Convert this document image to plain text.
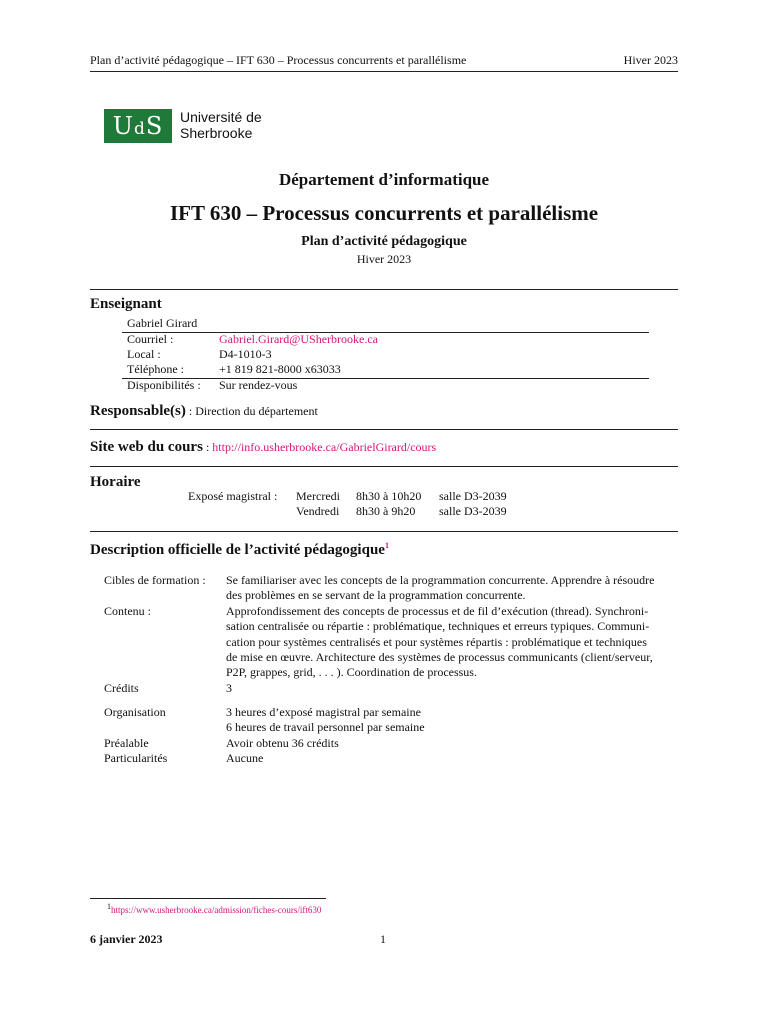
Plan d’activité pédagogique – IFT 630 – Processus concurrents et parallélisme	Hiver 2023
UdS	Université de
Sherbrooke
Département d’informatique
IFT 630 – Processus concurrents et parallélisme
Plan d’activité pédagogique
Hiver 2023
Enseignant
Gabriel Girard
Courriel :	Gabriel.Girard@USherbrooke.ca
Local :	D4-1010-3
Téléphone :	+1 819 821-8000 x63033
Disponibilités : Sur rendez-vous
Responsable(s) : Direction du département
Site web du cours : http://info.usherbrooke.ca/GabrielGirard/cours
Horaire
Exposé magistral : Mercredi 8h30 à 10h20 salle D3-2039
Vendredi 8h30 à 9h20 salle D3-2039
Description officielle de l’activité pédagogique$^1$
Cibles de formation : Se familiariser avec les concepts de la programmation concurrente. Apprendre à résoudre
des problèmes en se servant de la programmation concurrente.
Contenu :	Approfondissement des concepts de processus et de fil d’exécution (thread). Synchroni-
sation centralisée ou répartie : problématique, techniques et erreurs typiques. Communi-
cation pour systèmes centralisés et pour systèmes répartis : problématique et techniques
de mise en œuvre. Architecture des systèmes de processus communicants (client/serveur,
P2P, grappes, grid, . . . ). Coordination de processus.
Crédits	3
Organisation	3 heures d’exposé magistral par semaine
6 heures de travail personnel par semaine
Préalable	Avoir obtenu 36 crédits
Particularités	Aucune
$^1$https://www.usherbrooke.ca/admission/fiches-cours/ift630
6 janvier 2023	1
